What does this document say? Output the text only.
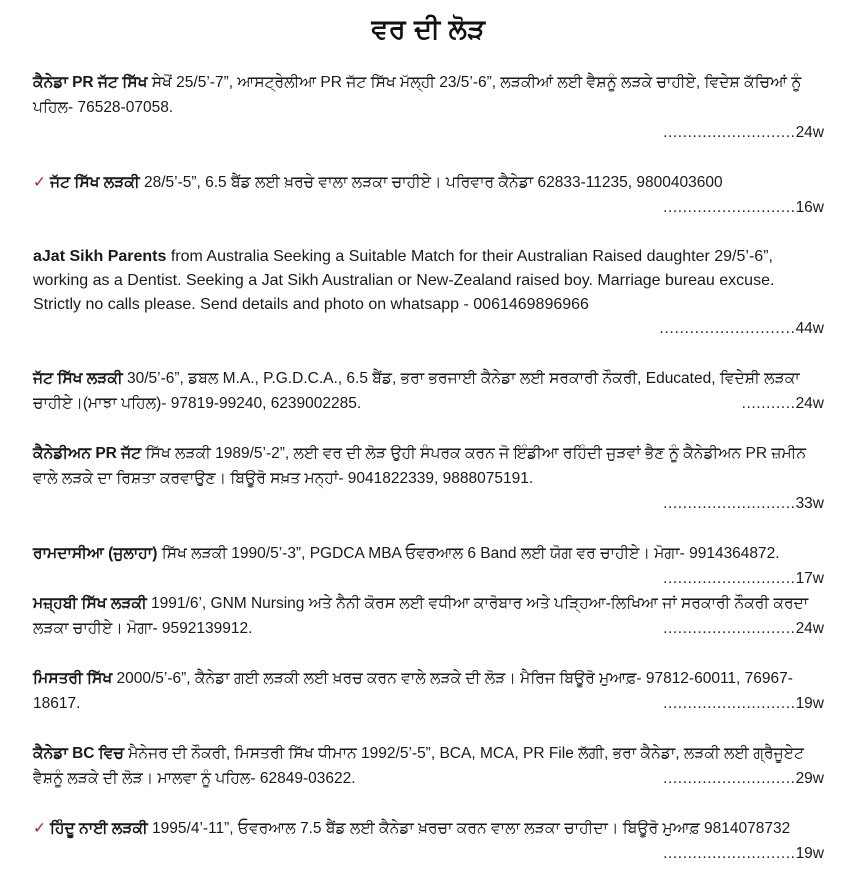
ਵਰ ਦੀ ਲੋੜ
ਕੈਨੇਡਾ PR ਜੱਟ ਸਿੱਖ ਸੇਖੋਂ 25/5’-7”, ਆਸਟ੍ਰੇਲੀਆ PR ਜੱਟ ਸਿੱਖ ਮੱਲ੍ਹੀ 23/5’-6”, ਲੜਕੀਆਂ ਲਈ ਵੈਸ਼ਨੂੰ ਲੜਕੇ ਚਾਹੀਏ, ਵਿਦੇਸ਼ ਕੱਚਿਆਂ ਨੂੰ ਪਹਿਲ- 76528-07058.
...........................24w
✓ ਜੱਟ ਸਿੱਖ ਲੜਕੀ 28/5’-5”, 6.5 ਬੈਂਡ ਲਈ ਖ਼ਰਚੇ ਵਾਲਾ ਲੜਕਾ ਚਾਹੀਏ। ਪਰਿਵਾਰ ਕੈਨੇਡਾ 62833-11235, 9800403600
...........................16w
aJat Sikh Parents from Australia Seeking a Suitable Match for their Australian Raised daughter 29/5’-6”, working as a Dentist. Seeking a Jat Sikh Australian or New-Zealand raised boy. Marriage bureau excuse. Strictly no calls please. Send details and photo on whatsapp - 0061469896966
...........................44w
ਜੱਟ ਸਿੱਖ ਲੜਕੀ 30/5’-6”, ਡਬਲ M.A., P.G.D.C.A., 6.5 ਬੈਂਡ, ਭਰਾ ਭਰਜਾਈ ਕੈਨੇਡਾ ਲਈ ਸਰਕਾਰੀ ਨੌਕਰੀ, Educated, ਵਿਦੇਸ਼ੀ ਲੜਕਾ ਚਾਹੀਏ।(ਮਾਝਾ ਪਹਿਲ)- 97819-99240, 6239002285.	...........24w
ਕੈਨੇਡੀਅਨ PR ਜੱਟ ਸਿੱਖ ਲੜਕੀ 1989/5’-2”, ਲਈ ਵਰ ਦੀ ਲੋੜ ਉਹੀ ਸੰਪਰਕ ਕਰਨ ਜੋ ਇੰਡੀਆ ਰਹਿੰਦੀ ਜੁੜਵਾਂ ਭੈਣ ਨੂੰ ਕੈਨੇਡੀਅਨ PR ਜ਼ਮੀਨ ਵਾਲੇ ਲੜਕੇ ਦਾ ਰਿਸ਼ਤਾ ਕਰਵਾਉਣ। ਬਿਊਰੋ ਸਖ਼ਤ ਮਨ੍ਹਾਂ- 9041822339, 9888075191.
...........................33w
ਰਾਮਦਾਸੀਆ (ਜੁਲਾਹਾ) ਸਿੱਖ ਲੜਕੀ 1990/5’-3”, PGDCA MBA ਓਵਰਆਲ 6 Band ਲਈ ਯੋਗ ਵਰ ਚਾਹੀਏ। ਮੋਗਾ- 9914364872.
...........................17w
ਮਜ਼੍ਹਬੀ ਸਿੱਖ ਲੜਕੀ 1991/6’, GNM Nursing ਅਤੇ ਨੈਨੀ ਕੋਰਸ ਲਈ ਵਧੀਆ ਕਾਰੋਬਾਰ ਅਤੇ ਪੜ੍ਹਿਆ-ਲਿਖਿਆ ਜਾਂ ਸਰਕਾਰੀ ਨੌਕਰੀ ਕਰਦਾ ਲੜਕਾ ਚਾਹੀਏ। ਮੋਗਾ- 9592139912.	...........................24w
ਮਿਸਤਰੀ ਸਿੱਖ 2000/5’-6”, ਕੈਨੇਡਾ ਗਈ ਲੜਕੀ ਲਈ ਖ਼ਰਚ ਕਰਨ ਵਾਲੇ ਲੜਕੇ ਦੀ ਲੋੜ। ਮੈਰਿਜ ਬਿਊਰੋ ਮੁਆਫ਼- 97812-60011, 76967-18617.	...........................19w
ਕੈਨੇਡਾ BC ਵਿਚ ਮੈਨੇਜਰ ਦੀ ਨੌਕਰੀ, ਮਿਸਤਰੀ ਸਿੱਖ ਧੀਮਾਨ 1992/5’-5”, BCA, MCA, PR File ਲੱਗੀ, ਭਰਾ ਕੈਨੇਡਾ, ਲੜਕੀ ਲਈ ਗ੍ਰੈਜੂਏਟ ਵੈਸ਼ਨੂੰ ਲੜਕੇ ਦੀ ਲੋੜ। ਮਾਲਵਾ ਨੂੰ ਪਹਿਲ- 62849-03622.	...........................29w
✓ ਹਿੰਦੂ ਨਾਈ ਲੜਕੀ 1995/4’-11”, ਓਵਰਆਲ 7.5 ਬੈਂਡ ਲਈ ਕੈਨੇਡਾ ਖ਼ਰਚਾ ਕਰਨ ਵਾਲਾ ਲੜਕਾ ਚਾਹੀਦਾ। ਬਿਊਰੋ ਮੁਆਫ਼ 9814078732
...........................19w
